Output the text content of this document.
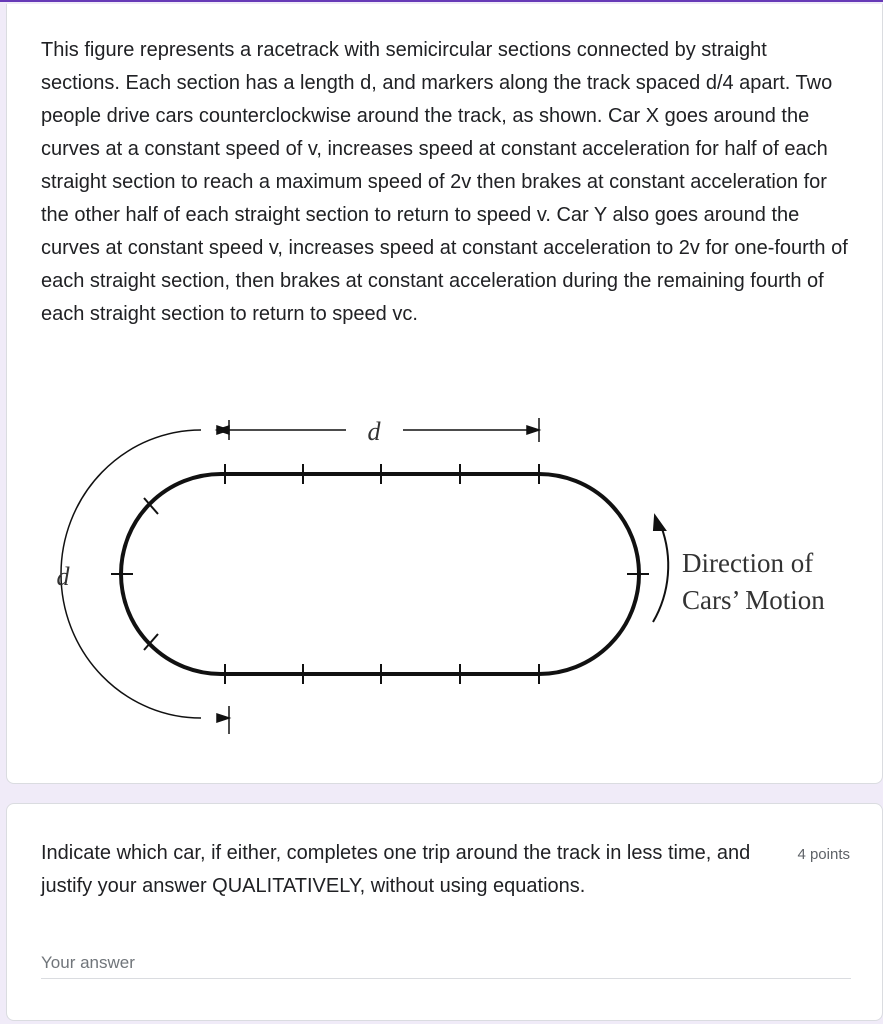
This figure represents a racetrack with semicircular sections connected by straight sections. Each section has a length d, and markers along the track spaced d/4 apart. Two people drive cars counterclockwise around the track, as shown. Car X goes around the curves at a constant speed of v, increases speed at constant acceleration for half of each straight section to reach a maximum speed of 2v then brakes at constant acceleration for the other half of each straight section to return to speed v. Car Y also goes around the curves at constant speed v, increases speed at constant acceleration to 2v for one-fourth of each straight section, then brakes at constant acceleration during the remaining fourth of each straight section to return to speed vc.

d
d	Direction of
Cars’ Motion

Indicate which car, if either, completes one trip around the track in less time, and justify your answer QUALITATIVELY, without using equations.

4 points
Your answer
